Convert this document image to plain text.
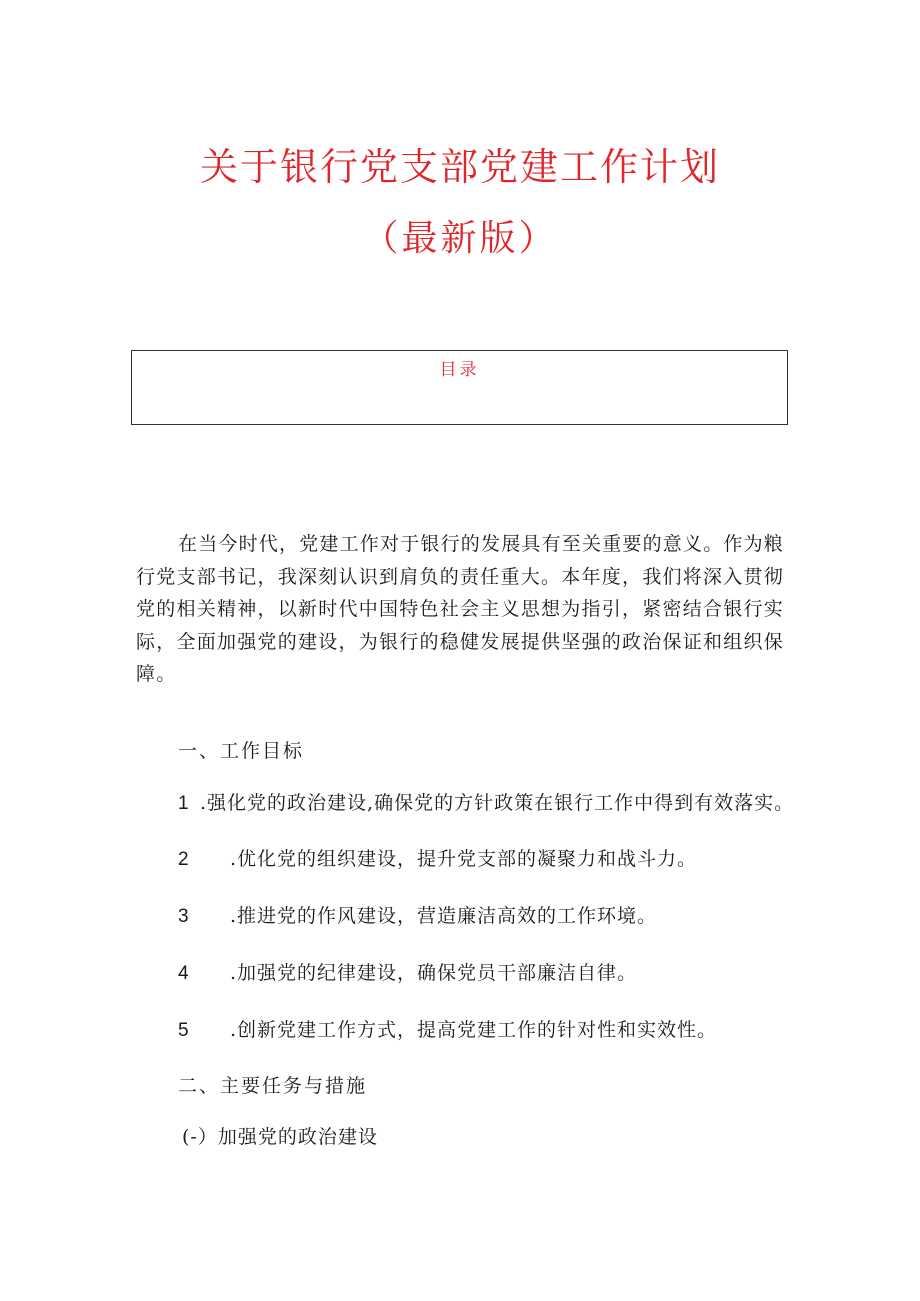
关于银行党支部党建工作计划
（最新版）
目录

在当今时代，党建工作对于银行的发展具有至关重要的意义。作为粮行党支部书记，我深刻认识到肩负的责任重大。本年度，我们将深入贯彻党的相关精神，以新时代中国特色社会主义思想为指引，紧密结合银行实际，全面加强党的建设，为银行的稳健发展提供坚强的政治保证和组织保障。

一、工作目标

1 .强化党的政治建设,确保党的方针政策在银行工作中得到有效落实。

2 .优化党的组织建设，提升党支部的凝聚力和战斗力。

3 .推进党的作风建设，营造廉洁高效的工作环境。

4 .加强党的纪律建设，确保党员干部廉洁自律。

5 .创新党建工作方式，提高党建工作的针对性和实效性。

二、主要任务与措施

(-）加强党的政治建设
